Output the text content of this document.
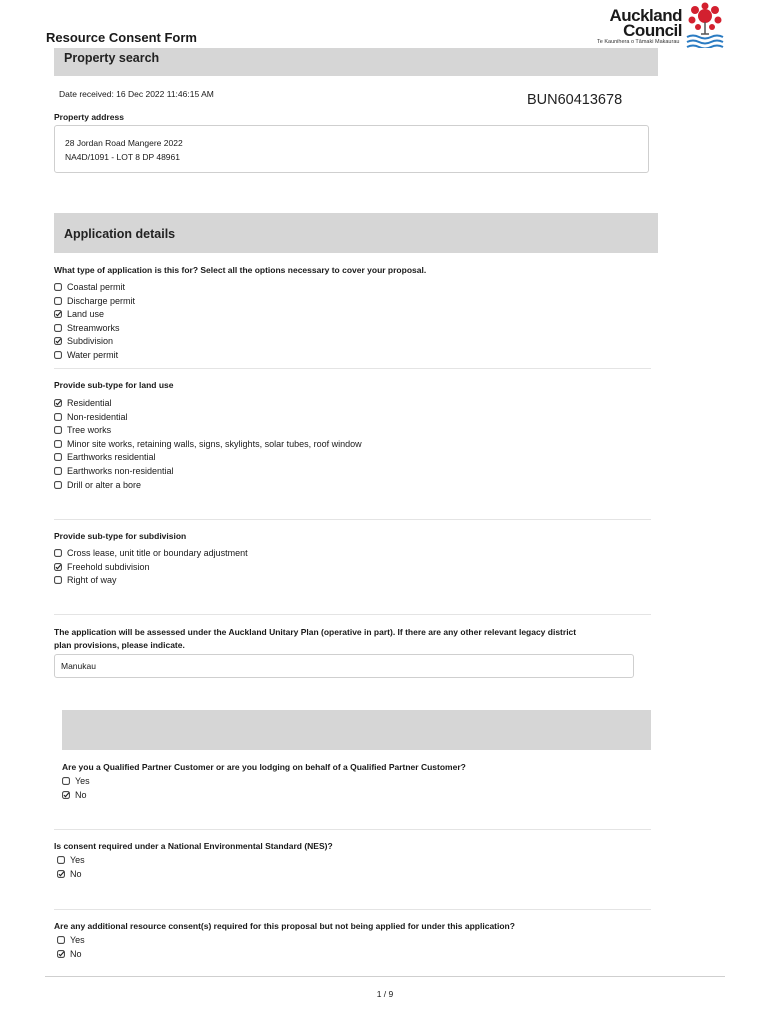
Resource Consent Form
Auckland
Council
Te Kaunihera o Tāmaki Makaurau
Property search
Date received: 16 Dec 2022 11:46:15 AM	BUN60413678
Property address
28 Jordan Road Mangere 2022
NA4D/1091 - LOT 8 DP 48961
Application details
What type of application is this for? Select all the options necessary to cover your proposal.
Coastal permit
Discharge permit
Land use
Streamworks
Subdivision
Water permit
Provide sub-type for land use
Residential
Non-residential
Tree works
Minor site works, retaining walls, signs, skylights, solar tubes, roof window
Earthworks residential
Earthworks non-residential
Drill or alter a bore
Provide sub-type for subdivision
Cross lease, unit title or boundary adjustment
Freehold subdivision
Right of way
The application will be assessed under the Auckland Unitary Plan (operative in part). If there are any other relevant legacy district
plan provisions, please indicate.
Manukau
Are you a Qualified Partner Customer or are you lodging on behalf of a Qualified Partner Customer?
Yes
No
Is consent required under a National Environmental Standard (NES)?
Yes
No
Are any additional resource consent(s) required for this proposal but not being applied for under this application?
Yes
No
1 / 9
